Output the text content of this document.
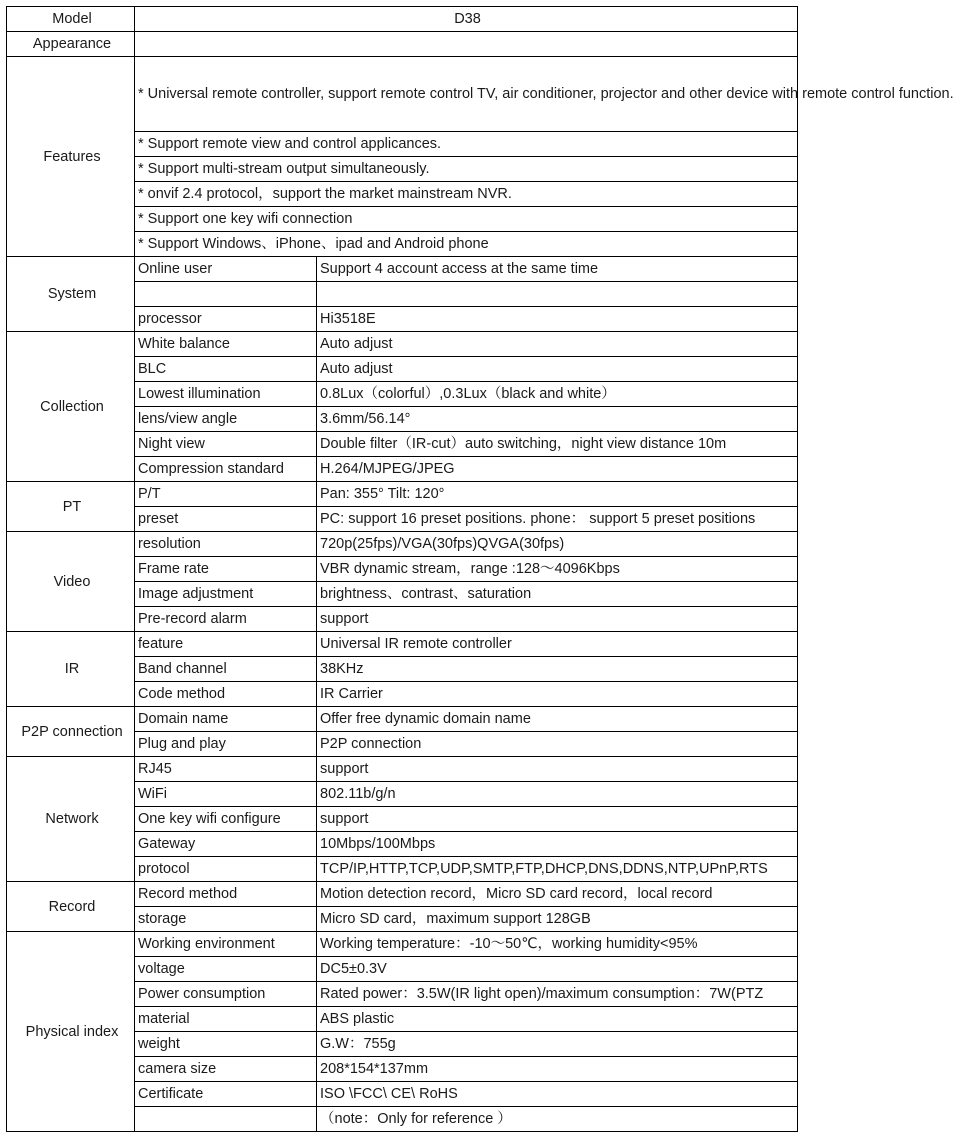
Model	D38	
Appearance		
Features	* Universal remote controller, support remote control TV, air conditioner, projector and other device with remote control function.	
	* Support remote view and control applicances.	
	* Support multi-stream output simultaneously.	
	* onvif 2.4 protocol，support the market mainstream NVR.	
	* Support one key wifi connection	
	* Support Windows、iPhone、ipad and Android phone	
System	Online user	Support 4 account access at the same time

	processor	Hi3518E
Collection	White balance	Auto adjust
	BLC	Auto adjust
	Lowest illumination	0.8Lux（colorful）,0.3Lux（black and white）
	lens/view angle	3.6mm/56.14°
	Night view	Double filter（IR-cut）auto switching，night view distance 10m
	Compression standard	H.264/MJPEG/JPEG
PT	P/T	Pan: 355° Tilt: 120°
	preset	PC: support 16 preset positions. phone： support 5 preset positions
Video	resolution	720p(25fps)/VGA(30fps)QVGA(30fps)
	Frame rate	VBR dynamic stream，range :128～4096Kbps
	Image adjustment	brightness、contrast、saturation
	Pre-record alarm	support
IR	feature	Universal IR remote controller
	Band channel	38KHz
	Code method	IR Carrier
P2P connection	Domain name	Offer free dynamic domain name
	Plug and play	P2P connection
Network	RJ45	support
	WiFi	802.11b/g/n
	One key wifi configure	support
	Gateway	10Mbps/100Mbps
	protocol	TCP/IP,HTTP,TCP,UDP,SMTP,FTP,DHCP,DNS,DDNS,NTP,UPnP,RTS
Record	Record method	Motion detection record，Micro SD card record，local record
	storage	Micro SD card，maximum support 128GB
Physical index	Working environment	Working temperature：-10～50℃，working humidity<95%
	voltage	DC5±0.3V
	Power consumption	Rated power：3.5W(IR light open)/maximum consumption：7W(PTZ
	material	ABS plastic
	weight	G.W：755g
	camera size	208*154*137mm
	Certificate	ISO \FCC\ CE\ RoHS
		（note：Only for reference ）
